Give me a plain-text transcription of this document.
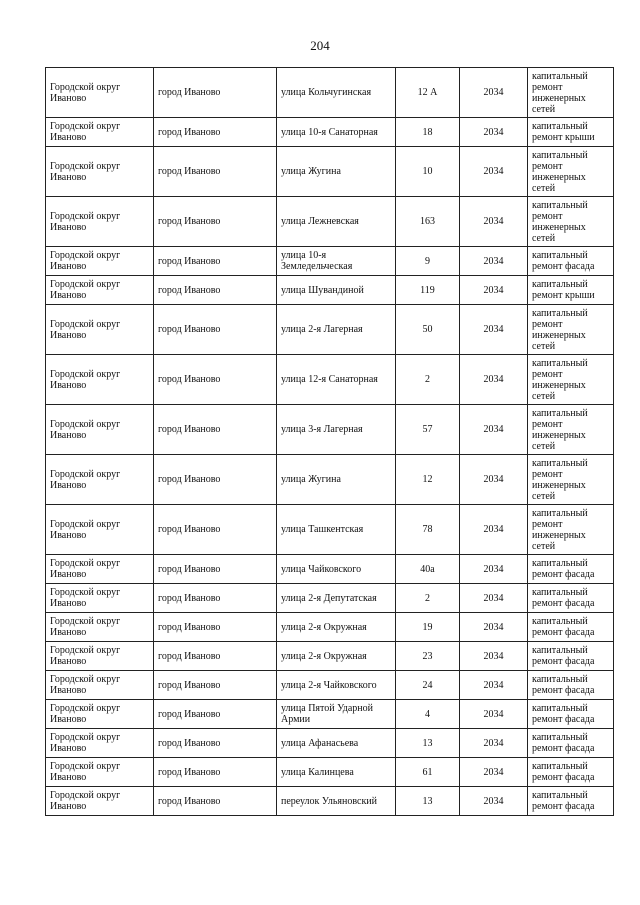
204
Городской округ Иваново	город Иваново	улица Кольчугинская	12 А	2034	капитальный ремонт инженерных сетей
Городской округ Иваново	город Иваново	улица 10-я Санаторная	18	2034	капитальный ремонт крыши
Городской округ Иваново	город Иваново	улица Жугина	10	2034	капитальный ремонт инженерных сетей
Городской округ Иваново	город Иваново	улица Лежневская	163	2034	капитальный ремонт инженерных сетей
Городской округ Иваново	город Иваново	улица 10-я Земледельческая	9	2034	капитальный ремонт фасада
Городской округ Иваново	город Иваново	улица Шувандиной	119	2034	капитальный ремонт крыши
Городской округ Иваново	город Иваново	улица 2-я Лагерная	50	2034	капитальный ремонт инженерных сетей
Городской округ Иваново	город Иваново	улица 12-я Санаторная	2	2034	капитальный ремонт инженерных сетей
Городской округ Иваново	город Иваново	улица 3-я Лагерная	57	2034	капитальный ремонт инженерных сетей
Городской округ Иваново	город Иваново	улица Жугина	12	2034	капитальный ремонт инженерных сетей
Городской округ Иваново	город Иваново	улица Ташкентская	78	2034	капитальный ремонт инженерных сетей
Городской округ Иваново	город Иваново	улица Чайковского	40а	2034	капитальный ремонт фасада
Городской округ Иваново	город Иваново	улица 2-я Депутатская	2	2034	капитальный ремонт фасада
Городской округ Иваново	город Иваново	улица 2-я Окружная	19	2034	капитальный ремонт фасада
Городской округ Иваново	город Иваново	улица 2-я Окружная	23	2034	капитальный ремонт фасада
Городской округ Иваново	город Иваново	улица 2-я Чайковского	24	2034	капитальный ремонт фасада
Городской округ Иваново	город Иваново	улица Пятой Ударной Армии	4	2034	капитальный ремонт фасада
Городской округ Иваново	город Иваново	улица Афанасьева	13	2034	капитальный ремонт фасада
Городской округ Иваново	город Иваново	улица Калинцева	61	2034	капитальный ремонт фасада
Городской округ Иваново	город Иваново	переулок Ульяновский	13	2034	капитальный ремонт фасада
